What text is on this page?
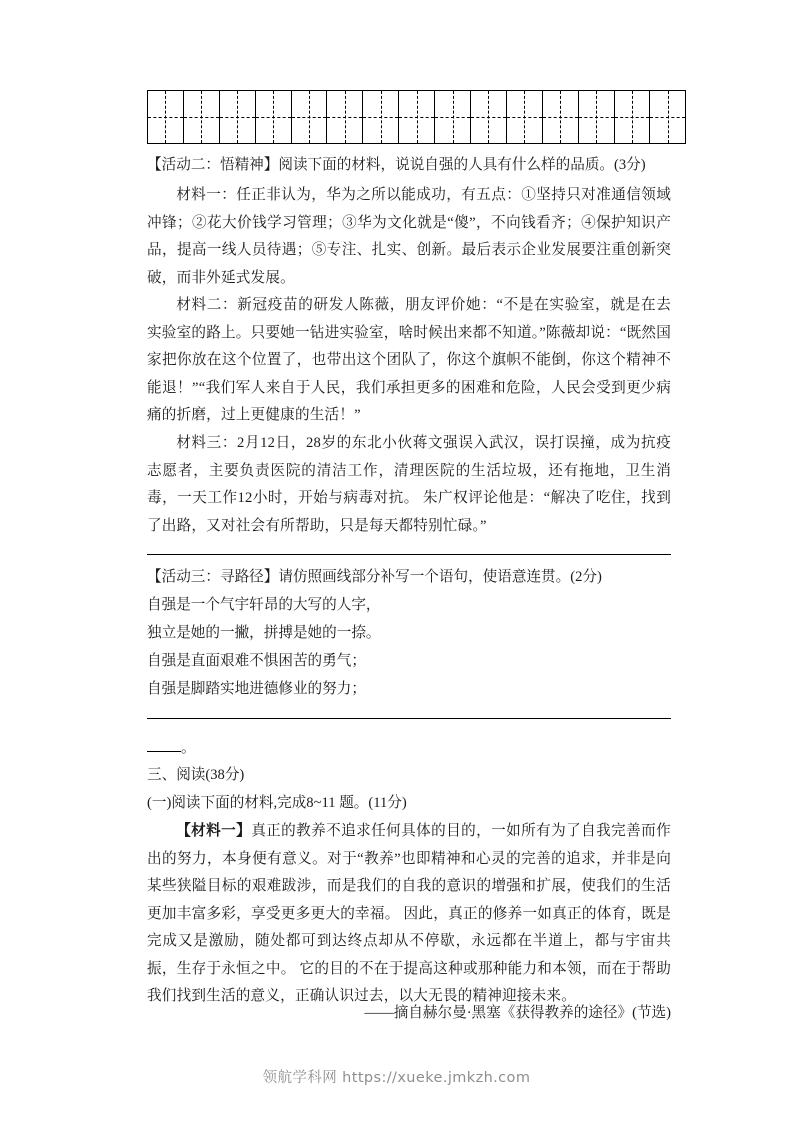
【活动二：悟精神】阅读下面的材料，说说自强的人具有什么样的品质。(3分)
材料一：任正非认为，华为之所以能成功，有五点：①坚持只对准通信领域冲锋；②花大价钱学习管理；③华为文化就是“傻”，不向钱看齐；④保护知识产品，提高一线人员待遇；⑤专注、扎实、创新。最后表示企业发展要注重创新突破，而非外延式发展。
材料二：新冠疫苗的研发人陈薇，朋友评价她：“不是在实验室，就是在去实验室的路上。只要她一钻进实验室，啥时候出来都不知道。”陈薇却说：“既然国家把你放在这个位置了，也带出这个团队了，你这个旗帜不能倒，你这个精神不能退！”“我们军人来自于人民，我们承担更多的困难和危险，人民会受到更少病痛的折磨，过上更健康的生活！”
材料三：2月12日，28岁的东北小伙蒋文强误入武汉，误打误撞，成为抗疫志愿者，主要负责医院的清洁工作，清理医院的生活垃圾，还有拖地，卫生消毒，一天工作12小时，开始与病毒对抗。 朱广权评论他是：“解决了吃住，找到了出路，又对社会有所帮助，只是每天都特别忙碌。”
【活动三：寻路径】请仿照画线部分补写一个语句，使语意连贯。(2分)
自强是一个气宇轩昂的大写的人字，
独立是她的一撇，拼搏是她的一捺。
自强是直面艰难不惧困苦的勇气；
自强是脚踏实地进德修业的努力；
。
三、阅读(38分)
(一)阅读下面的材料,完成8~11 题。(11分)
【材料一】真正的教养不追求任何具体的目的，一如所有为了自我完善而作出的努力，本身便有意义。对于“教养”也即精神和心灵的完善的追求，并非是向某些狭隘目标的艰难跋涉，而是我们的自我的意识的增强和扩展，使我们的生活更加丰富多彩，享受更多更大的幸福。 因此，真正的修养一如真正的体育，既是完成又是激励，随处都可到达终点却从不停歇，永远都在半道上，都与宇宙共振，生存于永恒之中。 它的目的不在于提高这种或那种能力和本领，而在于帮助我们找到生活的意义，正确认识过去，以大无畏的精神迎接未来。
——摘自赫尔曼·黑塞《获得教养的途径》(节选)
领航学科网 https://xueke.jmkzh.com
